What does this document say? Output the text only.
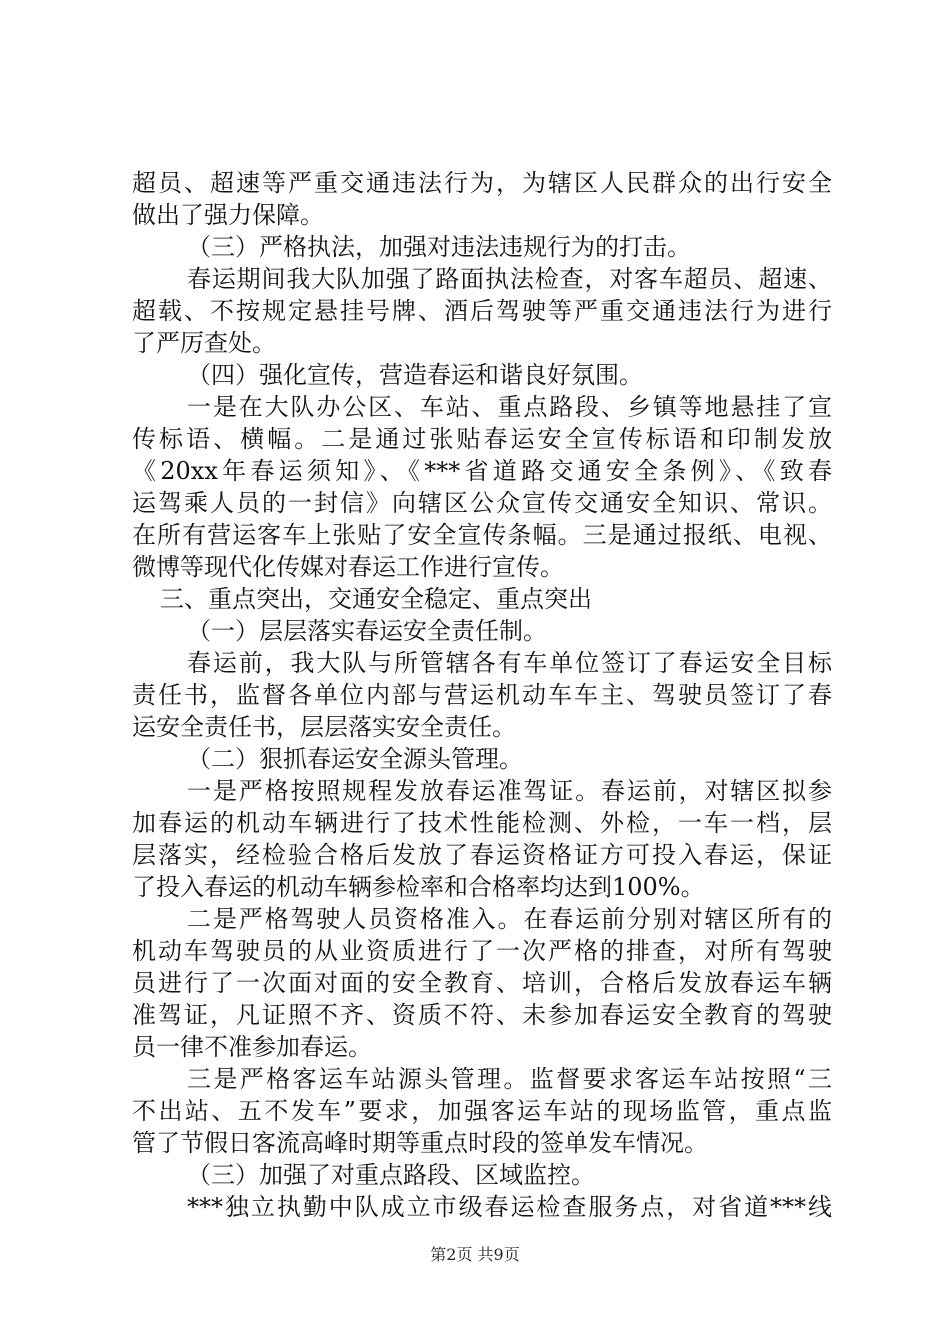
超员、超速等严重交通违法行为，为辖区人民群众的出行安全
做出了强力保障。
（三）严格执法，加强对违法违规行为的打击。
春运期间我大队加强了路面执法检查，对客车超员、超速、
超载、不按规定悬挂号牌、酒后驾驶等严重交通违法行为进行
了严厉查处。
（四）强化宣传，营造春运和谐良好氛围。
一是在大队办公区、车站、重点路段、乡镇等地悬挂了宣
传标语、横幅。二是通过张贴春运安全宣传标语和印制发放
《20xx年春运须知》、《***省道路交通安全条例》、《致春
运驾乘人员的一封信》向辖区公众宣传交通安全知识、常识。
在所有营运客车上张贴了安全宣传条幅。三是通过报纸、电视、
微博等现代化传媒对春运工作进行宣传。
三、重点突出，交通安全稳定、重点突出
（一）层层落实春运安全责任制。
春运前，我大队与所管辖各有车单位签订了春运安全目标
责任书，监督各单位内部与营运机动车车主、驾驶员签订了春
运安全责任书，层层落实安全责任。
（二）狠抓春运安全源头管理。
一是严格按照规程发放春运准驾证。春运前，对辖区拟参
加春运的机动车辆进行了技术性能检测、外检，一车一档，层
层落实，经检验合格后发放了春运资格证方可投入春运，保证
了投入春运的机动车辆参检率和合格率均达到100%。
二是严格驾驶人员资格准入。在春运前分别对辖区所有的
机动车驾驶员的从业资质进行了一次严格的排查，对所有驾驶
员进行了一次面对面的安全教育、培训，合格后发放春运车辆
准驾证，凡证照不齐、资质不符、未参加春运安全教育的驾驶
员一律不准参加春运。
三是严格客运车站源头管理。监督要求客运车站按照“三
不出站、五不发车”要求，加强客运车站的现场监管，重点监
管了节假日客流高峰时期等重点时段的签单发车情况。
（三）加强了对重点路段、区域监控。
***独立执勤中队成立市级春运检查服务点，对省道***线
第2页 共9页
